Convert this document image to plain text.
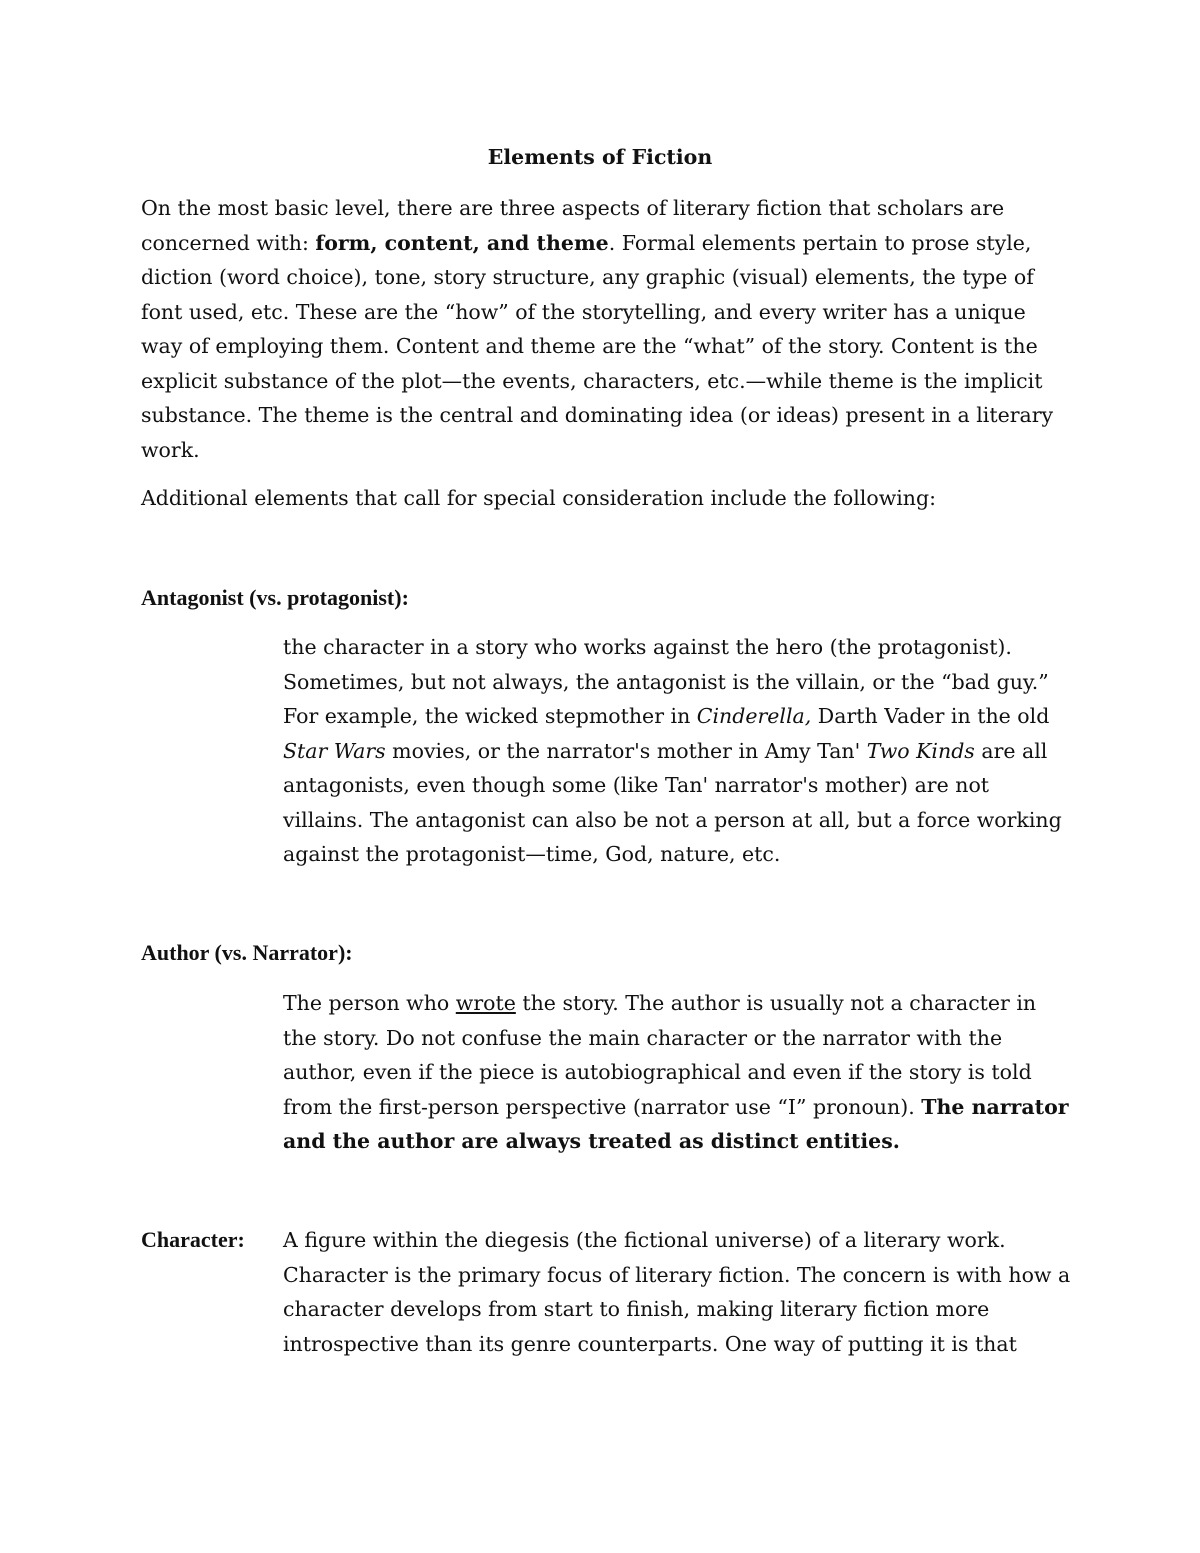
Elements of Fiction
On the most basic level, there are three aspects of literary fiction that scholars are concerned with: form, content, and theme. Formal elements pertain to prose style, diction (word choice), tone, story structure, any graphic (visual) elements, the type of font used, etc. These are the “how” of the storytelling, and every writer has a unique way of employing them. Content and theme are the “what” of the story. Content is the explicit substance of the plot—the events, characters, etc.—while theme is the implicit substance. The theme is the central and dominating idea (or ideas) present in a literary work.
Additional elements that call for special consideration include the following:
Antagonist (vs. protagonist):
the character in a story who works against the hero (the protagonist). Sometimes, but not always, the antagonist is the villain, or the “bad guy.” For example, the wicked stepmother in Cinderella, Darth Vader in the old Star Wars movies, or the narrator's mother in Amy Tan' Two Kinds are all antagonists, even though some (like Tan' narrator's mother) are not villains. The antagonist can also be not a person at all, but a force working against the protagonist—time, God, nature, etc.
Author (vs. Narrator):
The person who wrote the story. The author is usually not a character in the story. Do not confuse the main character or the narrator with the author, even if the piece is autobiographical and even if the story is told from the first-person perspective (narrator use “I” pronoun). The narrator and the author are always treated as distinct entities.
Character: A figure within the diegesis (the fictional universe) of a literary work. Character is the primary focus of literary fiction. The concern is with how a character develops from start to finish, making literary fiction more introspective than its genre counterparts. One way of putting it is that
